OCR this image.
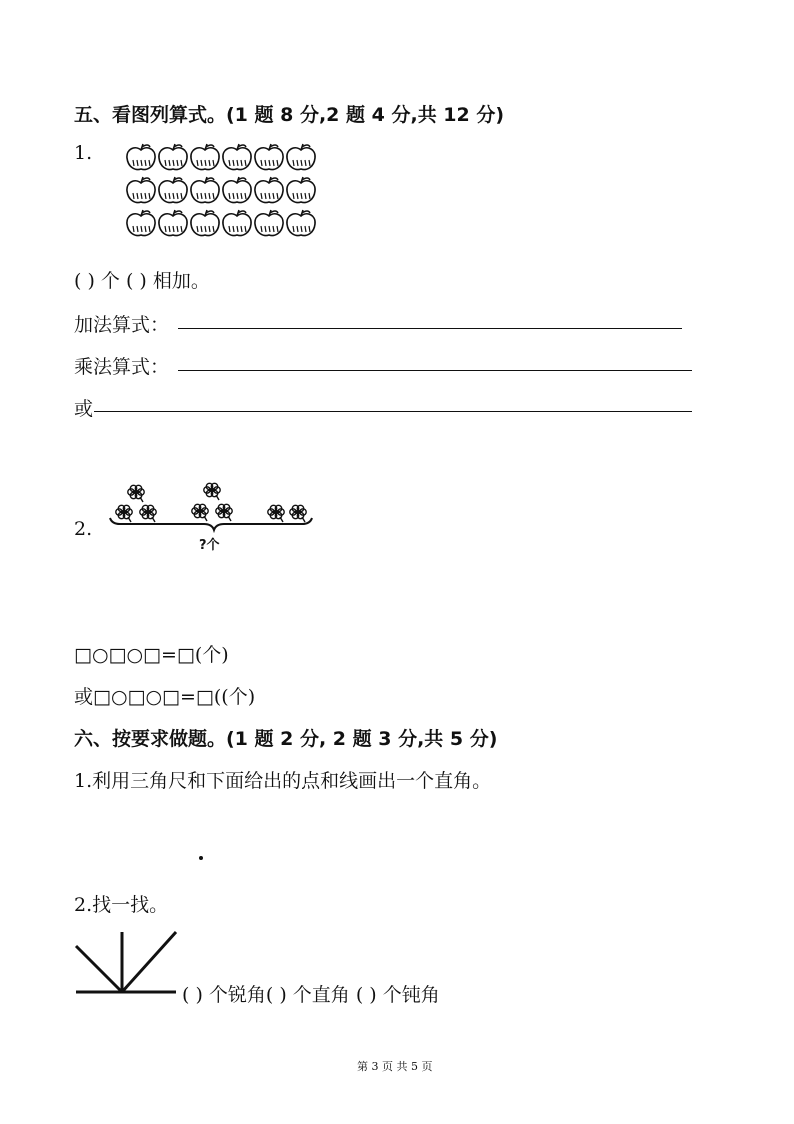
五、看图列算式。(1 题 8 分,2 题 4 分,共 12 分)
1.
( ) 个 ( ) 相加。
加法算式：
乘法算式：
或
2.
?个
□○□○□=□(个)
或□○□○□=□((个)
六、按要求做题。(1 题 2 分, 2 题 3 分,共 5 分)
1.利用三角尺和下面给出的点和线画出一个直角。
2.找一找。
( ) 个锐角( ) 个直角 ( ) 个钝角
第 3 页 共 5 页
